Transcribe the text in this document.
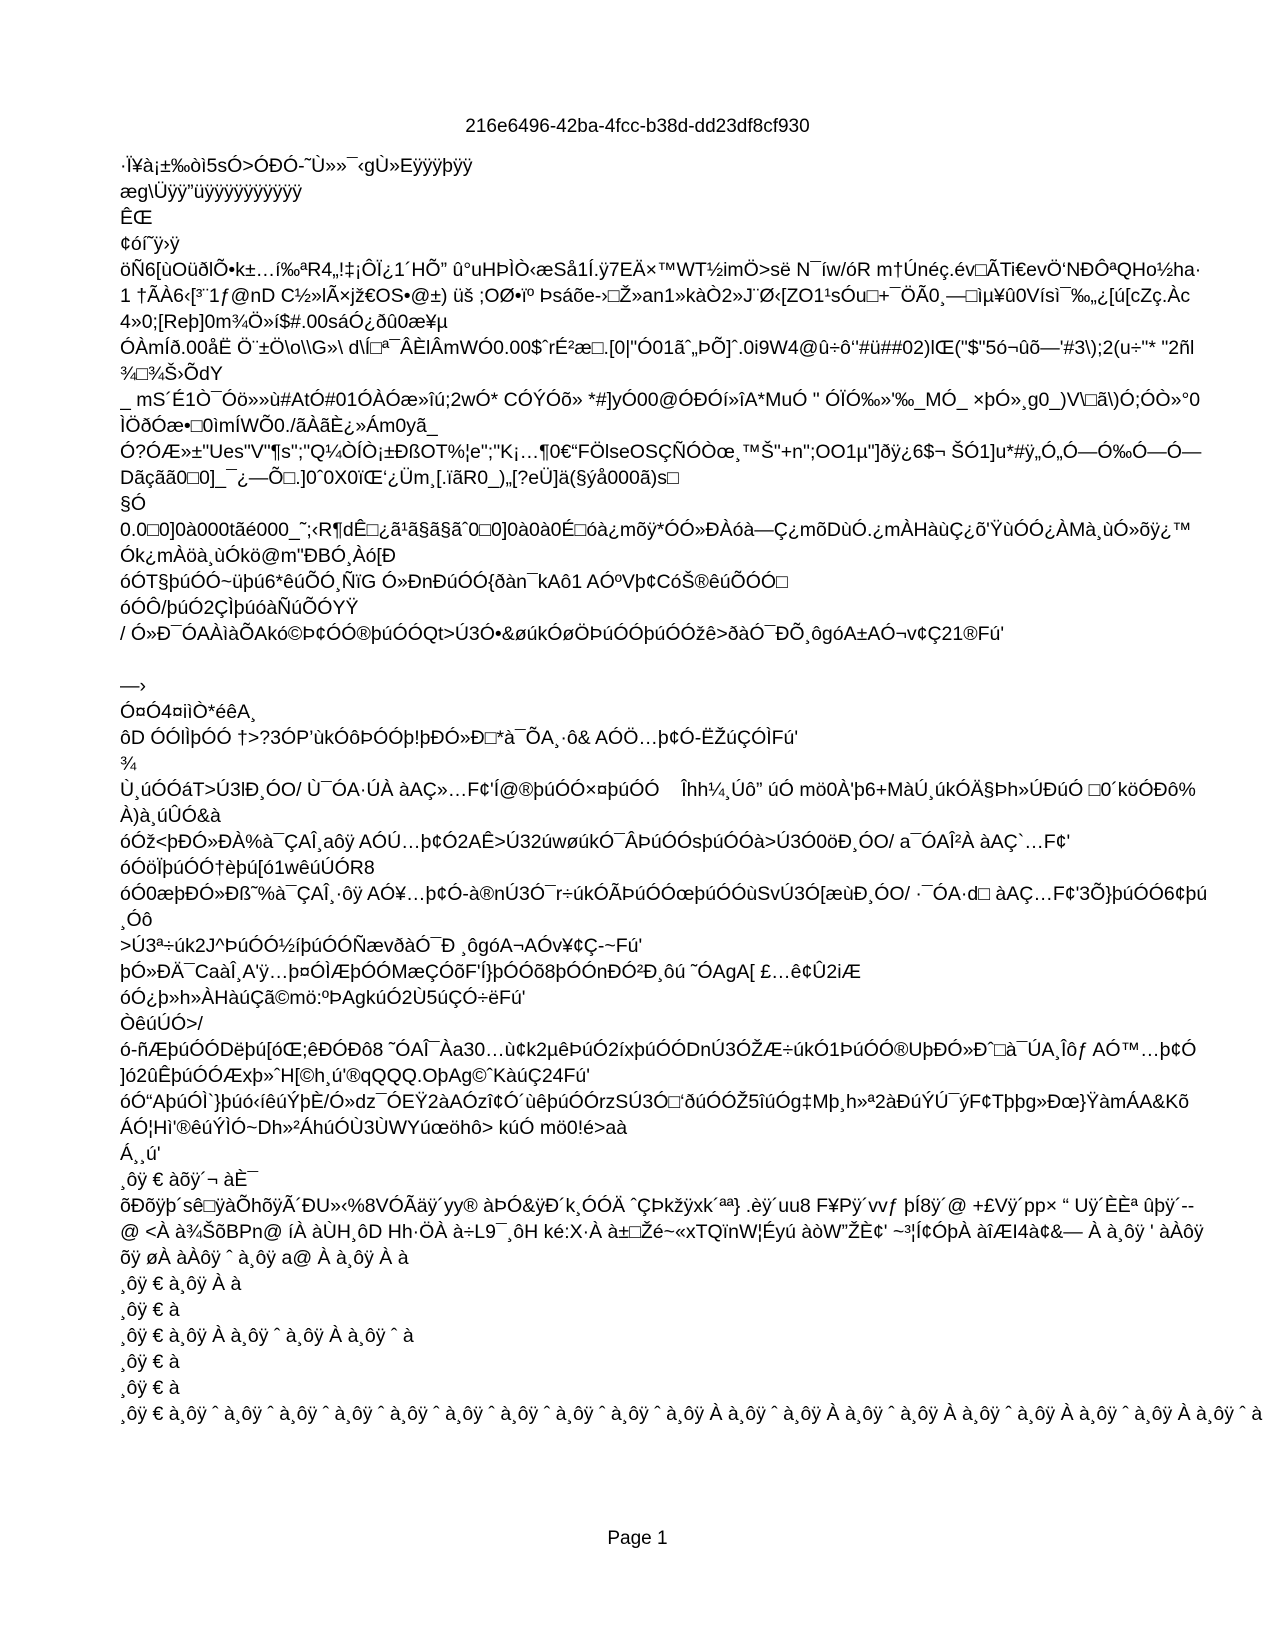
216e6496-42ba-4fcc-b38d-dd23df8cf930
·Ï¥à¡±‰òì5sÓ>ÓÐÓ-˜Ù»»¯‹gÙ»Eÿÿÿþÿÿ
æg\Üÿÿ”üÿÿÿÿÿÿÿÿÿÿ
ÊŒ
¢óí˜ÿ›ÿ
öÑ6[ùOüðlÕ•k±…í‰ªR4„!‡¡ÔÏ¿1´HÕ” û°uHÞÌÒ‹æSå1Í.ÿ7EÄ×™WT½imÖ>së N¯íw/óR m†Únéç.év□ÃTi€evÖ‘NÐÔªQHo½ha·
1 †ÃÀ6‹[³¨1ƒ@nD C½»lÃ×jž€OS•@±) üš ;OØ•ïº Þsáõe-›□Ž»an1»kàÒ2»J¨Ø‹[ZO1¹sÓu□+¯ÖÃ0¸—□ìµ¥û0Vísì¯‰„¿[ú[cZç.Àc
4»0;[Reþ]0m¾Ö»í$#.00sáÓ¿ðû0æ¥µ
ÓÀmÍð.00åË Ö¨±Ö\o\\G»\ d\Í□ª¯ÂÈlÂmWÓ0.00$ˆrÉ²æ□.[0|"Ó01ãˆ„ÞÕ]ˆ.0i9W4@û÷ô‘'#ü##02)lŒ("$"5ó¬ûõ—'#3\);2(u÷"* "2ñl
¾□¾Š›ÕdY
_ mS´É1Ò¯Óö»»ù#AtÓ#01ÓÀÓæ»îú;2wÓ* CÓÝÓõ» *#]yÓ00@ÓÐÓí»îA*MuÓ " ÓÏÓ‰»'‰_MÓ_ ×þÓ»¸g0_)V\□ã\)Ó;ÓÒ»°0
ÌÖðÓæ•□0ìmÍWÕ0./ãÀãÈ¿»Ám0yã_
Ó?ÓÆ»±"Ues"V"¶s";"Q¼ÒÍÒ¡±ÐßOT%¦e";"K¡…¶0€“FÖlseOSÇÑÓÒœ¸™Š"+n";OO1µ"]ðÿ¿6$¬ ŠÓ1]u*#ÿ„Ó„Ó—Ó‰Ó—Ó—
Dãçãã0□0]_¯¿—Õ□.]0ˆ0X0ïŒ‘¿Üm¸[.ïãR0_)„[?eÜ]ä(§ýå000ã)s□
§Ó
0.0□0]0à000tãé000_˜;‹R¶dÊ□¿ã¹ã§ã§ãˆ0□0]0à0à0É□óà¿mõÿ*ÓÓ»ÐÀóà—Ç¿mõDùÓ.¿mÀHàùÇ¿õ'ŸùÓÓ¿ÀMà¸ùÓ»õÿ¿™
Ók¿mÀöà¸ùÓkö@m"ÐBÓ¸Àó[Ð
óÓT§þúÓÓ~üþú6*êúÕÓ¸ÑïG Ó»ÐnÐúÓÓ{ðàn¯kAô1 AÓºVþ¢CóŠ®êúÕÓÓ□
óÓÔ/þúÓ2ÇÌþúóàÑúÕÓYŸ
/ Ó»Ð¯ÓAÀìàÕAkó©Þ¢ÓÓ®þúÓÓQt>Ú3Ó•&øúkÓøÖÞúÓÓþúÓÓžê>ðàÓ¯ÐÕ¸ôgóA±AÓ¬v¢Ç21®Fú'
—›
Ó¤Ó4¤iìÒ*éêA¸
ôD ÓÓlÌþÓÓ †>?3ÓP’ùkÓôÞÓÓþ!þÐÓ»Ð□*à¯ÕA¸·ô& AÓÖ…þ¢Ó-ËŽúÇÓÌFú'
¾
Ù¸úÓÓáT>Ú3lÐ¸ÓO/ Ù¯ÓA·ÚÀ àAÇ»…F¢'Í@®þúÓÓ×¤þúÓÓ    Îhh¼¸Úô” úÓ mö0À'þ6+MàÚ¸úkÓÄ§Þh»ÚÐúÓ □0´köÓÐô%
À)à¸úÛÓ&à
óÓž<þÐÓ»ÐÀ%à¯ÇAÎ¸aôÿ AÓÚ…þ¢Ó2AÊ>Ú32úwøúkÓ¯ÂÞúÓÓsþúÓÓà>Ú3Ó0öÐ¸ÓO/ a¯ÓAÎ²À àAÇ`…F¢'
óÓöÏþúÓÓ†èþú[ó1wêúÚÓR8
óÓ0æþÐÓ»Ðß˜%à¯ÇAÎ¸·ôÿ AÓ¥…þ¢Ó-à®nÚ3Ó¯r÷úkÓÃÞúÓÓœþúÓÓùSvÚ3Ó[æùÐ¸ÓO/ ·¯ÓA·d□ àAÇ…F¢'3Õ}þúÓÓ6¢þú
¸Óô
>Ú3ª÷úk2J^ÞúÓÓ½íþúÓÓÑævðàÓ¯Ð ¸ôgóA¬AÓv¥¢Ç-~Fú'
þÓ»ÐÄ¯CaàÎ¸A'ÿ…þ¤ÓÌÆþÓÓMæÇÓõF'Í}þÓÓõ8þÓÓnÐÓ²Ð¸ôú ˜ÓAgA[ £…ê¢Û2iÆ
óÓ¿þ»h»ÀHàúÇã©mö:ºÞAgkúÓ2Ù5úÇÓ÷ëFú'
ÒêúÚÓ>/
ó-ñÆþúÓÓDëþú[óŒ;êÐÓÐô8 ˜ÓAÎ¯Àa30…ù¢k2µêÞúÓ2íxþúÓÓDnÚ3ÓŽÆ÷úkÓ1ÞúÓÓ®UþÐÓ»Ðˆ□à¯ÚA¸Îôƒ AÓ™…þ¢Ó
]ó2ûÊþúÓÓÆxþ»ˆH[©h¸ú'®qQQQ.OþAg©ˆKàúÇ24Fú'
óÓ“AþúÓÌ`}þúó‹íêúÝþÈ/Ó»dz¯ÓEŸ2àAÓzî¢Ó´ùêþúÓÓrzSÚ3Ó□‘ðúÓÓŽ5îúÓg‡Mþ¸h»ª2àÐúÝÚ¯ýF¢Tþþg»Ðœ}ŸàmÁA&Kõ
ÁÓ¦Hì'®êúÝÌÓ~Dh»²ÁhúÓÙ3ÙWYúœöhô> kúÓ mö0!é>aà
Á¸¸ú'
¸ôÿ € àõÿ´¬ àÈ¯
õÐõÿþ´sê□ÿàÕhõÿÃ´ÐU»‹%8VÓÃäÿ´yy® àÞÓ&ÿÐ´k¸ÓÓÄ ˆÇÞkžÿxk´ªª} .èÿ´uu8 F¥Pÿ´vvƒ þÍ8ÿ´@ +£Vÿ´pp× “ Uÿ´ÈÈª ûþÿ´--
@ <À à¾ŠõBPn@ íÀ àÙH¸ôD Hh·ÖÀ à÷L9¯¸ôH ké:X·À à±□Žé~«xTQïnW¦Éyú àòW”ŽÈ¢' ~³¦Í¢ÓþÀ àîÆI4à¢&— À à¸ôÿ ' àÀôÿ
õÿ øÀ àÀôÿ ˆ à¸ôÿ a@ À à¸ôÿ À à
¸ôÿ € à¸ôÿ À à
¸ôÿ € à
¸ôÿ € à¸ôÿ À à¸ôÿ ˆ à¸ôÿ À à¸ôÿ ˆ à
¸ôÿ € à
¸ôÿ € à
¸ôÿ € à¸ôÿ ˆ à¸ôÿ ˆ à¸ôÿ ˆ à¸ôÿ ˆ à¸ôÿ ˆ à¸ôÿ ˆ à¸ôÿ ˆ à¸ôÿ ˆ à¸ôÿ ˆ à¸ôÿ À à¸ôÿ ˆ à¸ôÿ À à¸ôÿ ˆ à¸ôÿ À à¸ôÿ ˆ à¸ôÿ À à¸ôÿ ˆ à¸ôÿ À à¸ôÿ ˆ à
Page 1
